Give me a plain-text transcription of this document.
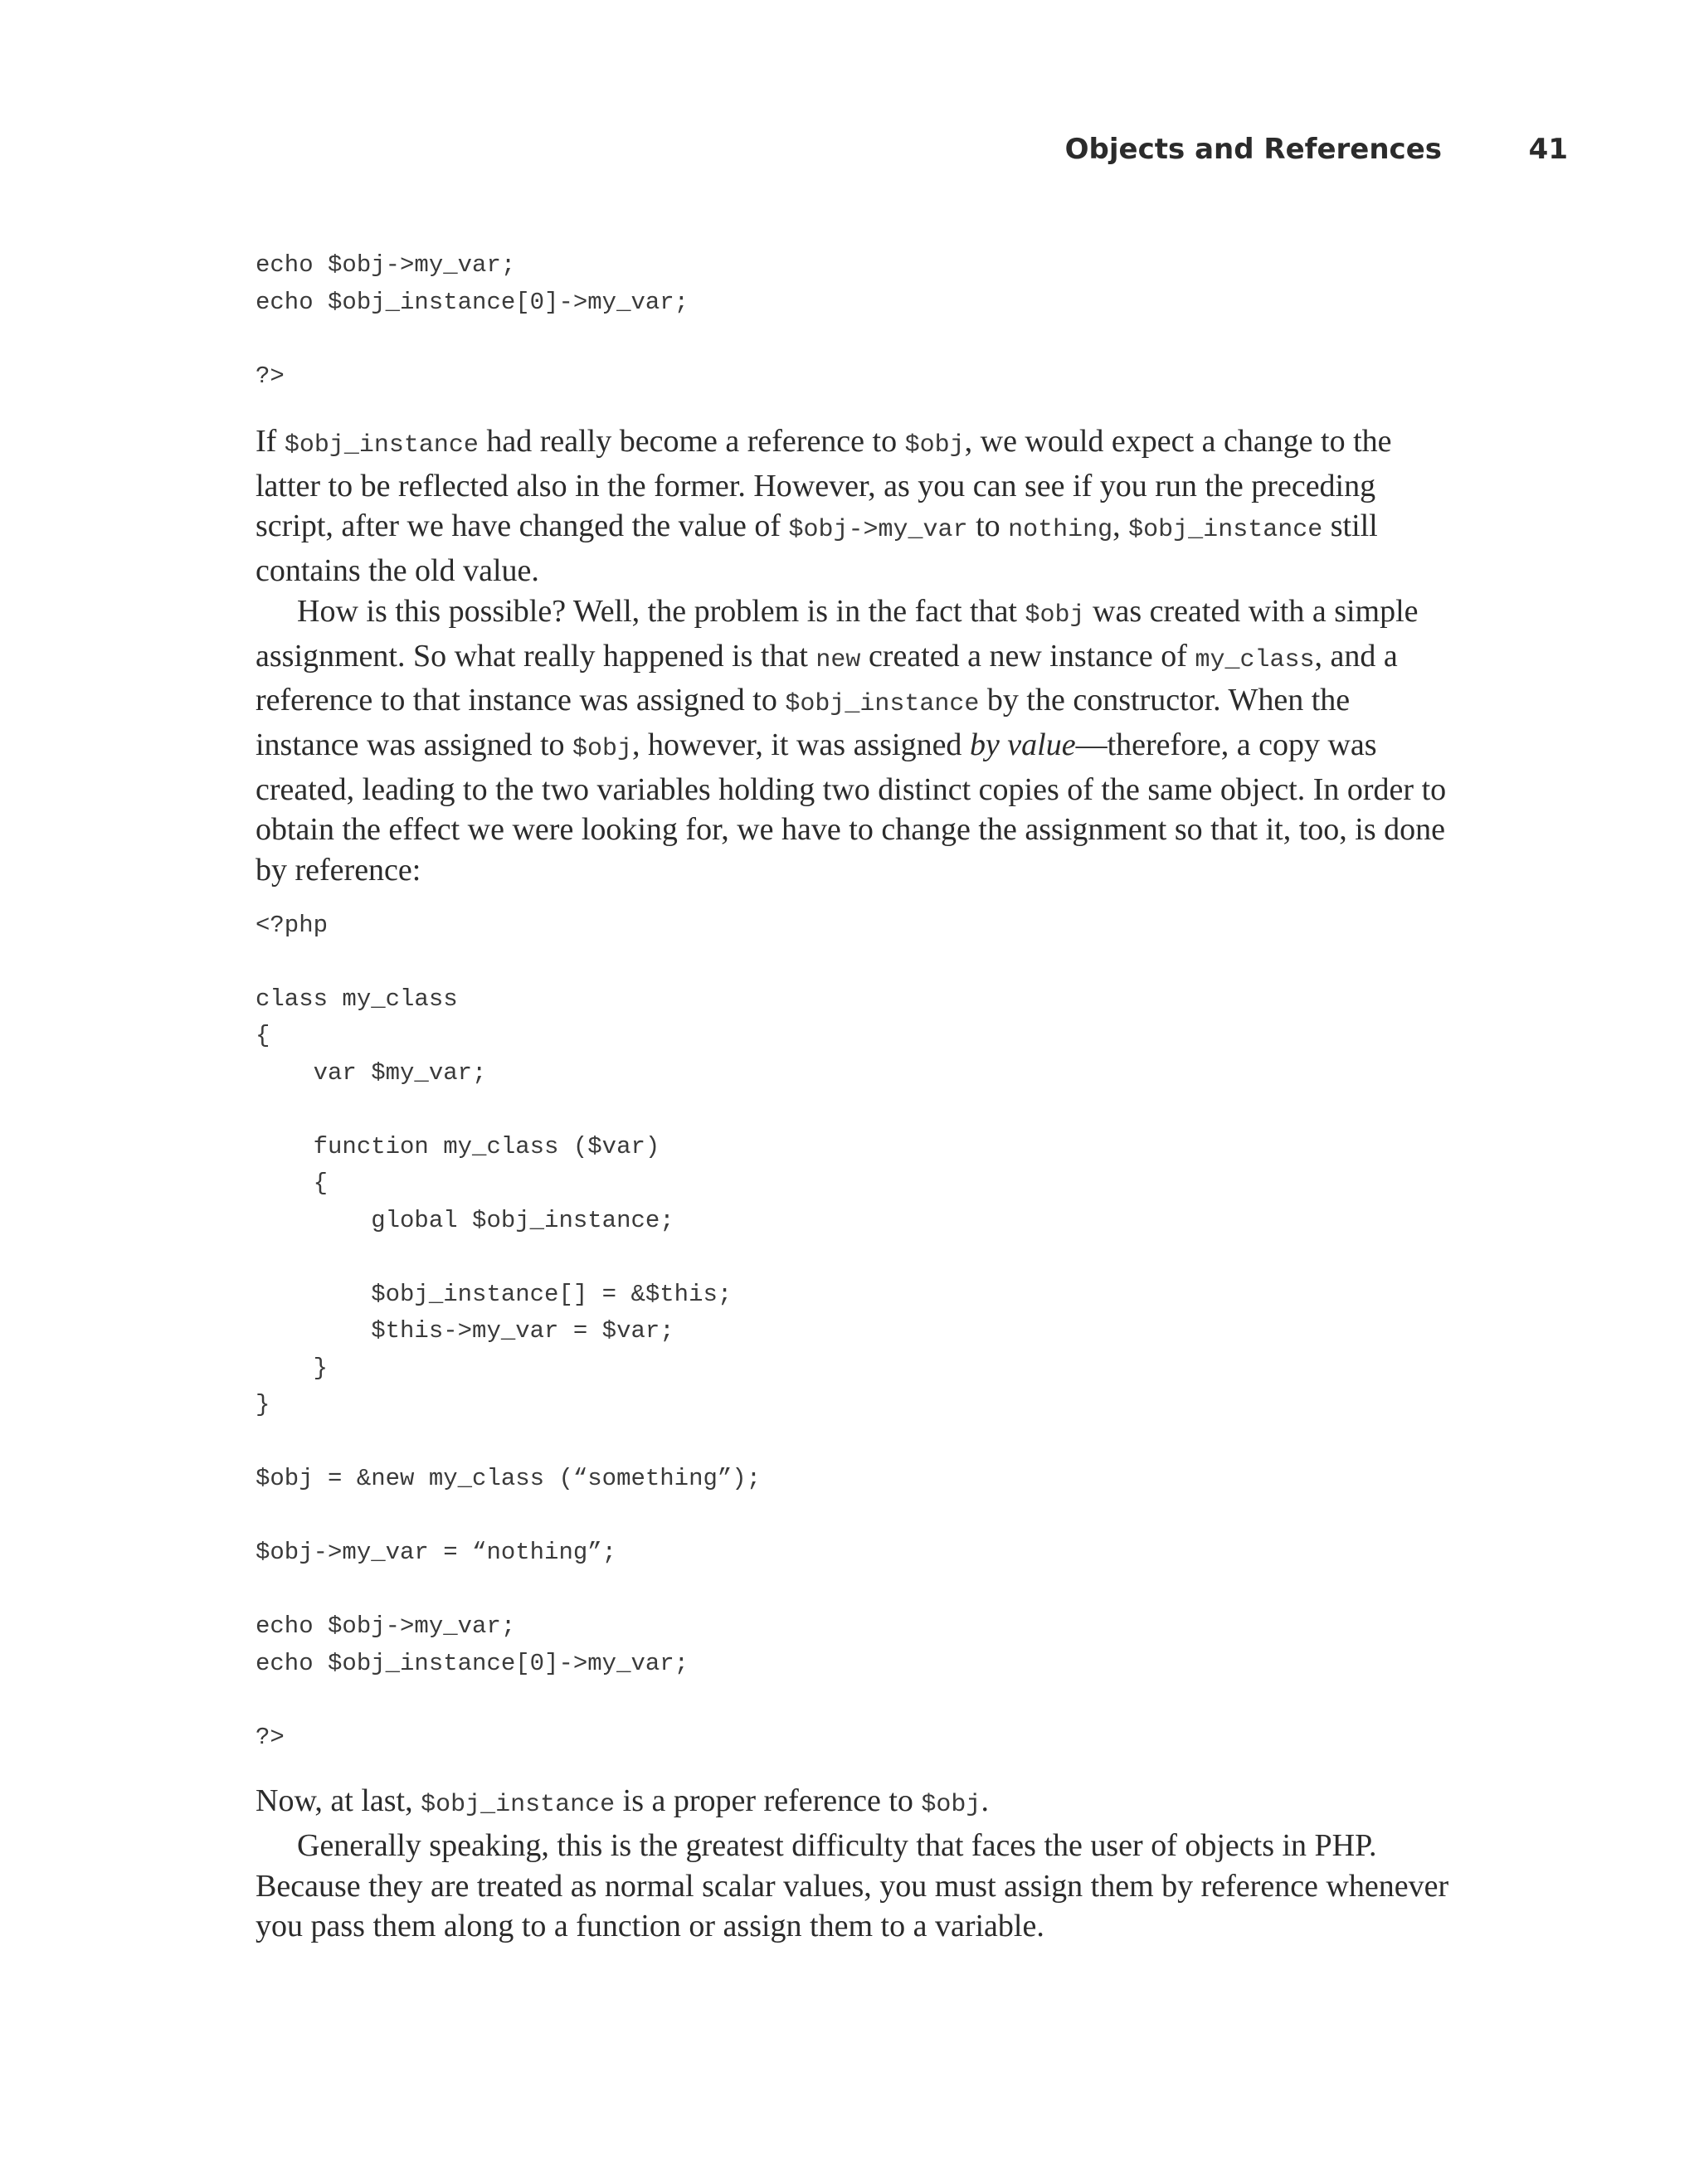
Objects and References	41
echo $obj->my_var;
echo $obj_instance[0]->my_var;

?>

If $obj_instance had really become a reference to $obj, we would expect a change to the latter to be reflected also in the former. However, as you can see if you run the preceding script, after we have changed the value of $obj->my_var to nothing, $obj_instance still contains the old value.

How is this possible? Well, the problem is in the fact that $obj was created with a simple assignment. So what really happened is that new created a new instance of my_class, and a reference to that instance was assigned to $obj_instance by the constructor. When the instance was assigned to $obj, however, it was assigned by value—therefore, a copy was created, leading to the two variables holding two distinct copies of the same object. In order to obtain the effect we were looking for, we have to change the assignment so that it, too, is done by reference:

<?php

class my_class
{
var $my_var;

function my_class ($var)
{
global $obj_instance;

$obj_instance[] = &$this;
$this->my_var = $var;
}
}

$obj = &new my_class (“something”);

$obj->my_var = “nothing”;

echo $obj->my_var;
echo $obj_instance[0]->my_var;

?>

Now, at last, $obj_instance is a proper reference to $obj.

Generally speaking, this is the greatest difficulty that faces the user of objects in PHP. Because they are treated as normal scalar values, you must assign them by reference whenever you pass them along to a function or assign them to a variable.
